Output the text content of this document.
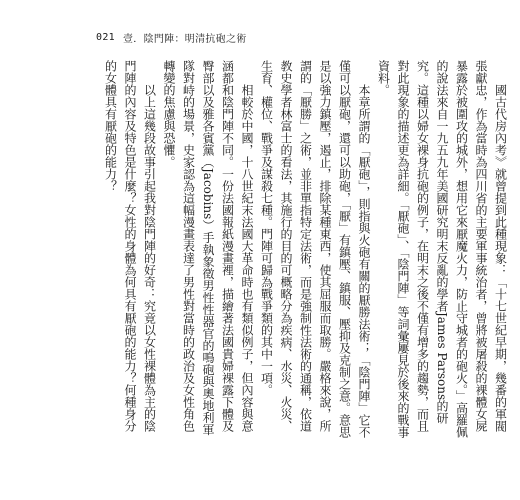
021 壹．陰門陣：明清抗砲之術

國古代房內考》就曾提到此種現象：「十七世紀早期，幾番的軍閥張獻忠，作為當時為四川省的主要軍事統治者，曾將被屠殺的裸體女屍暴露於被圍攻的城外，想用它來厭魔火力，防止守城者的砲火。」高羅佩的說法來自一九五九年美國研究明末反亂的學者James Parsons的研究。這種以婦女裸身抗砲的例子，在明末之後不僅有增多的趨勢，而且對此現象的描述更為詳細。「厭砲」、「陰門陣」等詞彙屢見於後來的戰事資料。

本章所謂的「厭砲」，則指與火砲有關的厭勝法術；「陰門陣」它不僅可以厭砲，還可以助砲，「厭」有鎮壓、鎮服、壓抑及克制之意。意思是以強力鎮壓，遏止，排除某種東西，使其屈服而取勝。嚴格來說，所謂的「厭勝」之術，並非單指特定法術，而是強制性法術的通稱，依道教史學者林富士的看法，其施行的目的可概略分為疾病、水災、火災、生育、權位、戰爭及謀殺七種。門陣可歸為戰爭類的其中一項。

相較於中國，十八世紀末法國大革命時也有類似例子，但內容與意涵都和陰門陣不同。一份法國報紙漫畫裡，描繪著法國貴婦裸露下體及臀部以及雅各賓黨（Jacobins）手執象徵男性性器官的鳴砲與奧地利軍隊對峙的場景，史家認為這幅漫畫表達了男性對當時的政治及女性角色轉變的焦慮與恐懼。

以上這幾段故事引起我對陰門陣的好奇：究竟以女性裸體為主的陰門陣的內容及特色是什麼？女性的身體為何具有厭砲的能力？何種身分的女體具有厭砲的能力？
